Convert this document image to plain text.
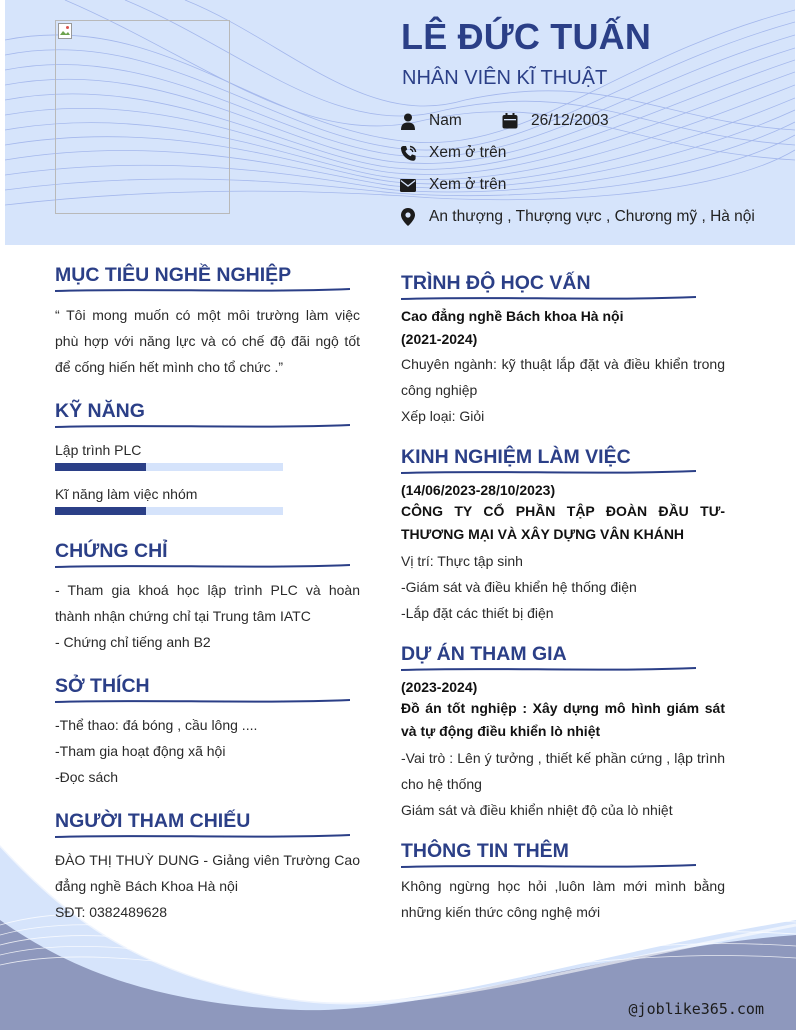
LÊ ĐỨC TUẤN
NHÂN VIÊN KĨ THUẬT
Nam	26/12/2003
Xem ở trên
Xem ở trên
An thượng , Thượng vực , Chương mỹ , Hà nội
MỤC TIÊU NGHỀ NGHIỆP
“ Tôi mong muốn có một môi trường làm việc phù hợp với năng lực và có chế độ đãi ngộ tốt để cống hiến hết mình cho tổ chức .”
KỸ NĂNG
Lập trình PLC
Kĩ năng làm việc nhóm
CHỨNG CHỈ
- Tham gia khoá học lập trình PLC và hoàn thành nhận chứng chỉ tại Trung tâm IATC
- Chứng chỉ tiếng anh B2
SỞ THÍCH
-Thể thao: đá bóng , cầu lông ....
-Tham gia hoạt động xã hội
-Đọc sách
NGƯỜI THAM CHIẾU
ĐÀO THỊ THUỲ DUNG - Giảng viên Trường Cao đẳng nghề Bách Khoa Hà nội
SĐT: 0382489628
TRÌNH ĐỘ HỌC VẤN
Cao đẳng nghề Bách khoa Hà nội
(2021-2024)
Chuyên ngành: kỹ thuật lắp đặt và điều khiển trong công nghiệp
Xếp loại: Giỏi
KINH NGHIỆM LÀM VIỆC
(14/06/2023-28/10/2023)
CÔNG TY CỔ PHẦN TẬP ĐOÀN ĐẦU TƯ-THƯƠNG MẠI VÀ XÂY DỰNG VÂN KHÁNH
Vị trí: Thực tập sinh
-Giám sát và điều khiển hệ thống điện
-Lắp đặt các thiết bị điện
DỰ ÁN THAM GIA
(2023-2024)
Đồ án tốt nghiệp : Xây dựng mô hình giám sát và tự động điều khiển lò nhiệt
-Vai trò : Lên ý tưởng , thiết kế phần cứng , lập trình cho hệ thống
Giám sát và điều khiển nhiệt độ của lò nhiệt
THÔNG TIN THÊM
Không ngừng học hỏi ,luôn làm mới mình bằng những kiến thức công nghệ mới
@joblike365.com
